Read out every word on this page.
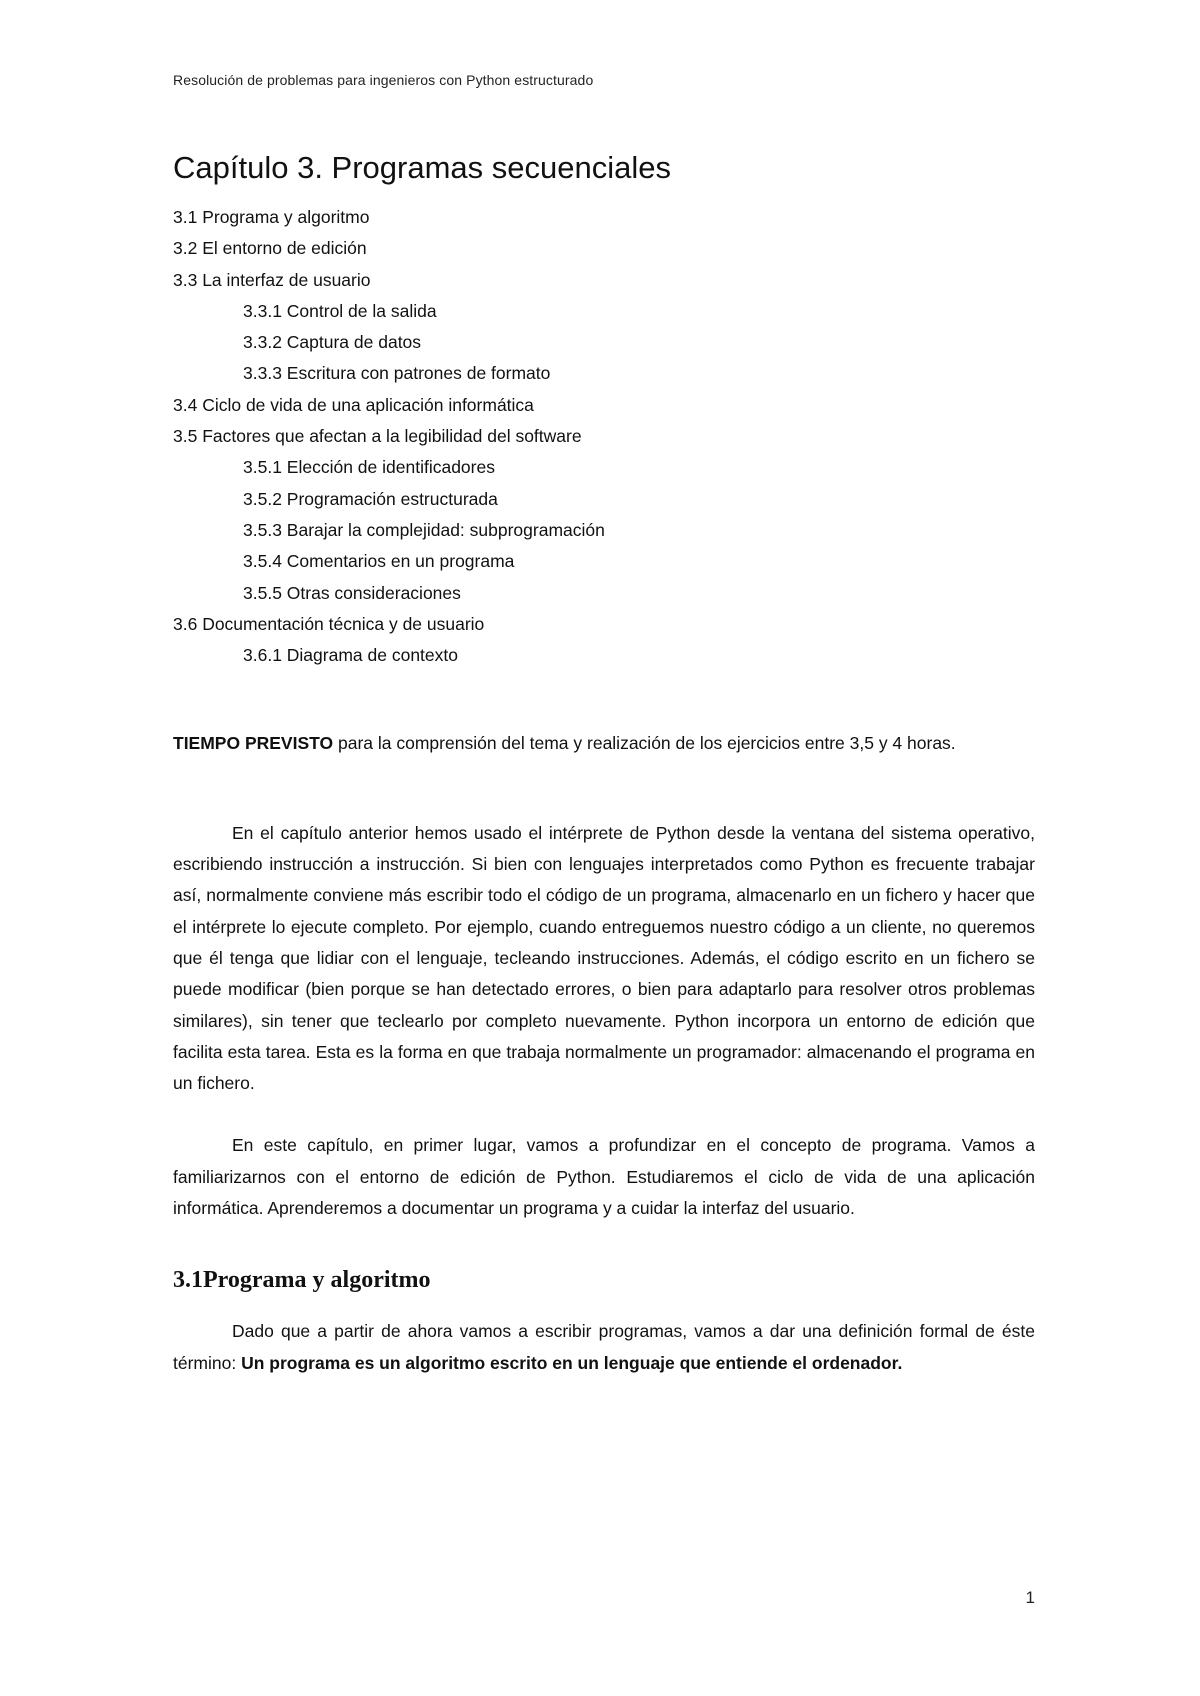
Resolución de problemas para ingenieros con Python estructurado
Capítulo 3. Programas secuenciales
3.1 Programa y algoritmo
3.2 El entorno de edición
3.3 La interfaz de usuario
3.3.1 Control de la salida
3.3.2 Captura de datos
3.3.3 Escritura con patrones de formato
3.4 Ciclo de vida de una aplicación informática
3.5 Factores que afectan a la legibilidad del software
3.5.1 Elección de identificadores
3.5.2 Programación estructurada
3.5.3 Barajar la complejidad: subprogramación
3.5.4 Comentarios en un programa
3.5.5 Otras consideraciones
3.6 Documentación técnica y de usuario
3.6.1 Diagrama de contexto

TIEMPO PREVISTO para la comprensión del tema y realización de los ejercicios entre 3,5 y 4 horas.

En el capítulo anterior hemos usado el intérprete de Python desde la ventana del sistema operativo, escribiendo instrucción a instrucción. Si bien con lenguajes interpretados como Python es frecuente trabajar así, normalmente conviene más escribir todo el código de un programa, almacenarlo en un fichero y hacer que el intérprete lo ejecute completo. Por ejemplo, cuando entreguemos nuestro código a un cliente, no queremos que él tenga que lidiar con el lenguaje, tecleando instrucciones. Además, el código escrito en un fichero se puede modificar (bien porque se han detectado errores, o bien para adaptarlo para resolver otros problemas similares), sin tener que teclearlo por completo nuevamente. Python incorpora un entorno de edición que facilita esta tarea. Esta es la forma en que trabaja normalmente un programador: almacenando el programa en un fichero.

En este capítulo, en primer lugar, vamos a profundizar en el concepto de programa. Vamos a familiarizarnos con el entorno de edición de Python. Estudiaremos el ciclo de vida de una aplicación informática. Aprenderemos a documentar un programa y a cuidar la interfaz del usuario.

3.1Programa y algoritmo

Dado que a partir de ahora vamos a escribir programas, vamos a dar una definición formal de éste término: Un programa es un algoritmo escrito en un lenguaje que entiende el ordenador.

1
